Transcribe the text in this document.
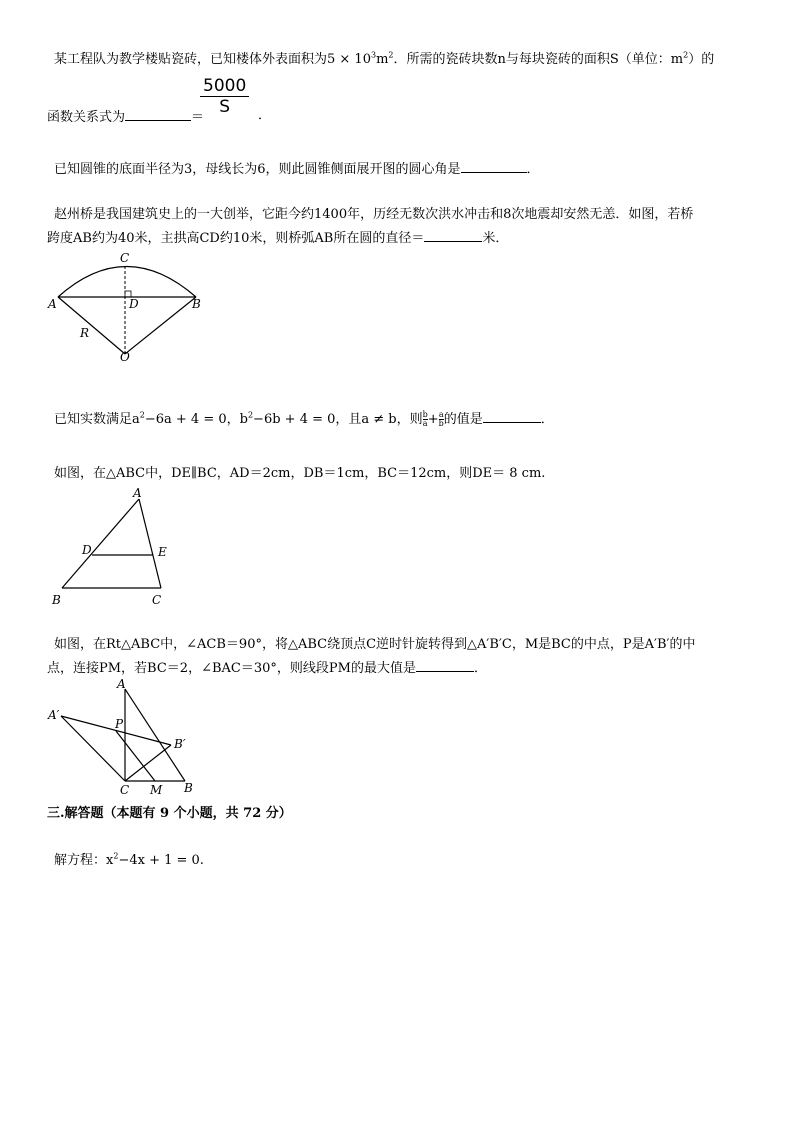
某工程队为教学楼贴瓷砖，已知楼体外表面积为$5 \times 10^3m^2$．所需的瓷砖块数n与每块瓷砖的面积S（单位：$m^2$）的
$\frac{5000}{S}$
函数关系式为	＝	．
已知圆锥的底面半径为3，母线长为6，则此圆锥侧面展开图的圆心角是	．
赵州桥是我国建筑史上的一大创举，它距今约1400年，历经无数次洪水冲击和8次地震却安然无恙．如图，若桥
跨度AB约为40米，主拱高CD约10米，则桥弧AB所在圆的直径＝	米．
C
A	D	B
R
O
已知实数满足$a^2-6a + 4 = 0$，$b^2-6b + 4 = 0$，且a ≠ b，则 $\frac{b}{a} + \frac{a}{b}$ 的值是	．
如图，在△ABC中，DE∥BC，AD＝2cm，DB＝1cm，BC＝12cm，则DE＝ 8 cm.
A
D	E
B	C
如图，在Rt△ABC中，∠ACB＝90°，将△ABC绕顶点C逆时针旋转得到△A′B′C，M是BC的中点，P是A′B′的中
点，连接PM，若BC＝2，∠BAC＝30°，则线段PM的最大值是	．
A
A′
P
B′
C M B
三.解答题（本题有 9 个小题，共 72 分）
解方程：$x^2-4x + 1 = 0$.
